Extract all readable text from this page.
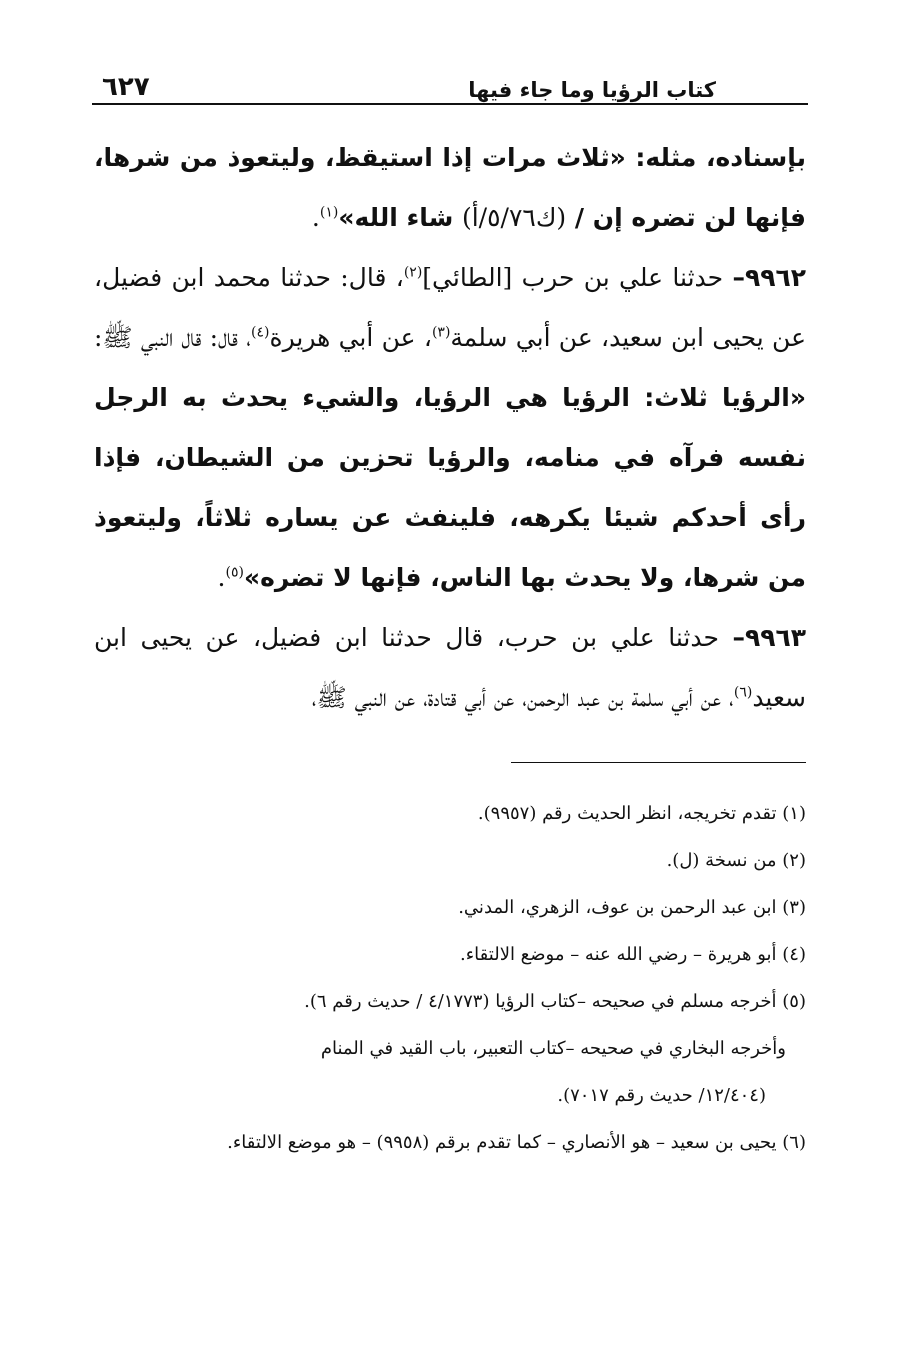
كتاب الرؤيا وما جاء فيها
٦٢٧

بإسناده، مثله: «ثلاث مرات إذا استيقظ، وليتعوذ من شرها، فإنها لن تضره إن / (ك٥/٧٦/أ) شاء الله»$^{(١)}$.

٩٩٦٢– حدثنا علي بن حرب [الطائي]$^{(٢)}$، قال: حدثنا محمد ابن فضيل، عن يحيى ابن سعيد، عن أبي سلمة$^{(٣)}$، عن أبي هريرة$^{(٤)}$، قال: قال النبي ﷺ: «الرؤيا ثلاث: الرؤيا هي الرؤيا، والشيء يحدث به الرجل نفسه فرآه في منامه، والرؤيا تحزين من الشيطان، فإذا رأى أحدكم شيئا يكرهه، فلينفث عن يساره ثلاثاً، وليتعوذ من شرها، ولا يحدث بها الناس، فإنها لا تضره»$^{(٥)}$.

٩٩٦٣– حدثنا علي بن حرب، قال حدثنا ابن فضيل، عن يحيى ابن سعيد$^{(٦)}$، عن أبي سلمة بن عبد الرحمن، عن أبي قتادة، عن النبي ﷺ،

(١) تقدم تخريجه، انظر الحديث رقم (٩٩٥٧).

(٢) من نسخة (ل).

(٣) ابن عبد الرحمن بن عوف، الزهري، المدني.

(٤) أبو هريرة – رضي الله عنه – موضع الالتقاء.

(٥) أخرجه مسلم في صحيحه –كتاب الرؤيا (٤/١٧٧٣ / حديث رقم ٦).

وأخرجه البخاري في صحيحه –كتاب التعبير، باب القيد في المنام

(١٢/٤٠٤/ حديث رقم ٧٠١٧).

(٦) يحيى بن سعيد – هو الأنصاري – كما تقدم برقم (٩٩٥٨) – هو موضع الالتقاء.
